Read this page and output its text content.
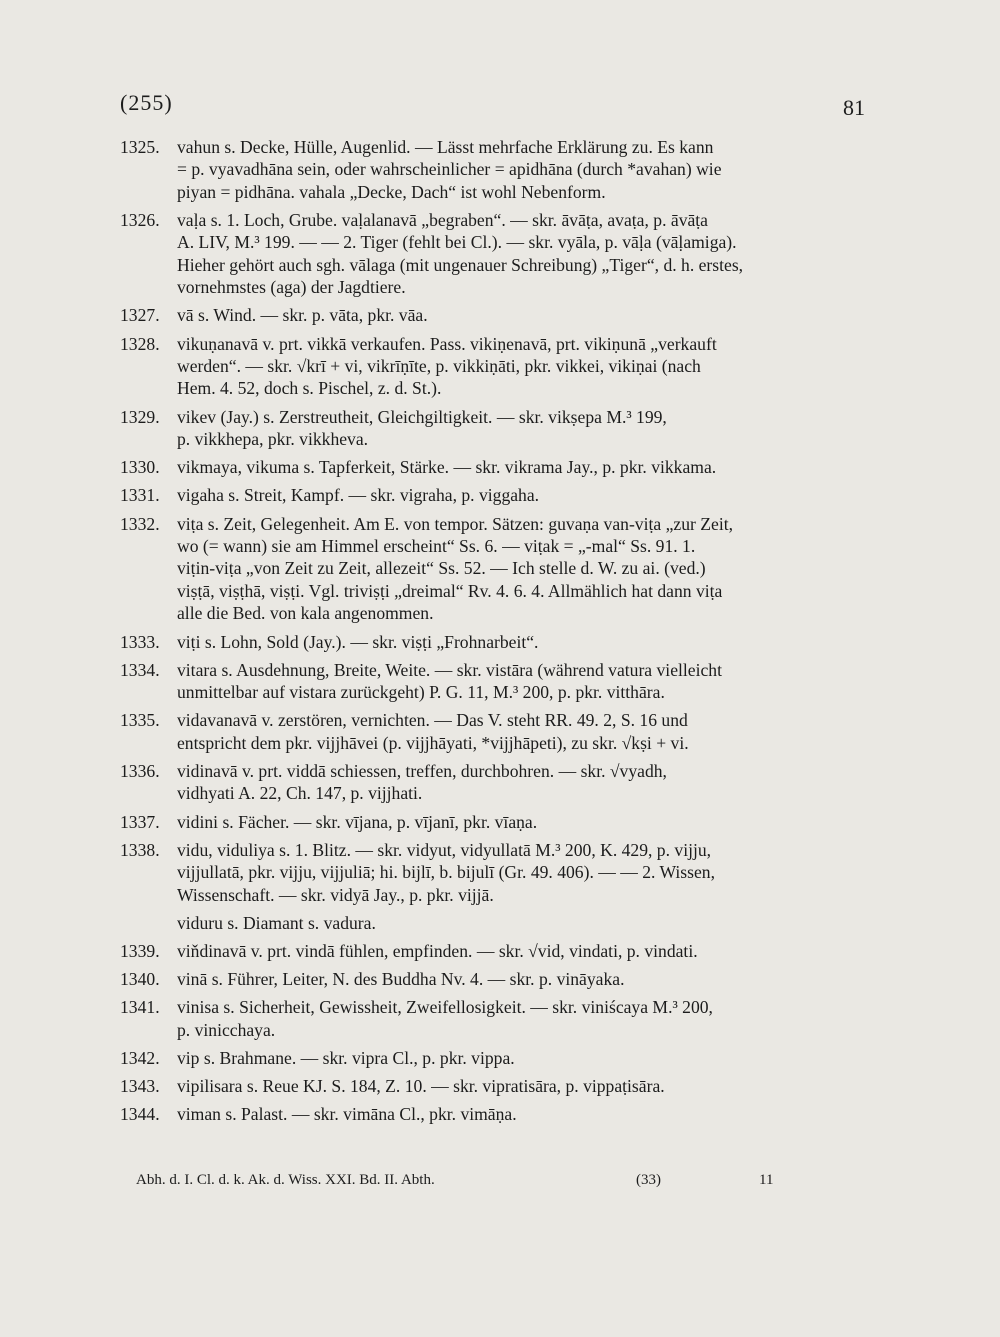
(255)	81
1325. vahun s. Decke, Hülle, Augenlid. — Lässt mehrfache Erklärung zu. Es kann
= p. vyavadhāna sein, oder wahrscheinlicher = apidhāna (durch *avahan) wie
piyan = pidhāna. vahala „Decke, Dach“ ist wohl Nebenform.
1326. vaḷa s. 1. Loch, Grube. vaḷalanavā „begraben“. — skr. āvāṭa, avaṭa, p. āvāṭa
A. LIV, M.³ 199. — — 2. Tiger (fehlt bei Cl.). — skr. vyāla, p. vāḷa (vāḷamiga).
Hieher gehört auch sgh. vālaga (mit ungenauer Schreibung) „Tiger“, d. h. erstes,
vornehmstes (aga) der Jagdtiere.
1327. vā s. Wind. — skr. p. vāta, pkr. vāa.
1328. vikuṇanavā v. prt. vikkā verkaufen. Pass. vikiṇenavā, prt. vikiṇunā „verkauft
werden“. — skr. √krī + vi, vikrīṇīte, p. vikkiṇāti, pkr. vikkei, vikiṇai (nach
Hem. 4. 52, doch s. Pischel, z. d. St.).
1329. vikev (Jay.) s. Zerstreutheit, Gleichgiltigkeit. — skr. vikṣepa M.³ 199,
p. vikkhepa, pkr. vikkheva.
1330. vikmaya, vikuma s. Tapferkeit, Stärke. — skr. vikrama Jay., p. pkr. vikkama.
1331. vigaha s. Streit, Kampf. — skr. vigraha, p. viggaha.
1332. viṭa s. Zeit, Gelegenheit. Am E. von tempor. Sätzen: guvaṇa van-viṭa „zur Zeit,
wo (= wann) sie am Himmel erscheint“ Ss. 6. — viṭak = „-mal“ Ss. 91. 1.
viṭin-viṭa „von Zeit zu Zeit, allezeit“ Ss. 52. — Ich stelle d. W. zu ai. (ved.)
viṣṭā, viṣṭhā, viṣṭi. Vgl. triviṣṭi „dreimal“ Rv. 4. 6. 4. Allmählich hat dann viṭa
alle die Bed. von kala angenommen.
1333. viṭi s. Lohn, Sold (Jay.). — skr. viṣṭi „Frohnarbeit“.
1334. vitara s. Ausdehnung, Breite, Weite. — skr. vistāra (während vatura vielleicht
unmittelbar auf vistara zurückgeht) P. G. 11, M.³ 200, p. pkr. vitthāra.
1335. vidavanavā v. zerstören, vernichten. — Das V. steht RR. 49. 2, S. 16 und
entspricht dem pkr. vijjhāvei (p. vijjhāyati, *vijjhāpeti), zu skr. √kṣi + vi.
1336. vidinavā v. prt. viddā schiessen, treffen, durchbohren. — skr. √vyadh,
vidhyati A. 22, Ch. 147, p. vijjhati.
1337. vidini s. Fächer. — skr. vījana, p. vījanī, pkr. vīaṇa.
1338. vidu, viduliya s. 1. Blitz. — skr. vidyut, vidyullatā M.³ 200, K. 429, p. vijju,
vijjullatā, pkr. vijju, vijjuliā; hi. bijlī, b. bijulī (Gr. 49. 406). — — 2. Wissen,
Wissenschaft. — skr. vidyā Jay., p. pkr. vijjā.
viduru s. Diamant s. vadura.
1339. viňdinavā v. prt. vindā fühlen, empfinden. — skr. √vid, vindati, p. vindati.
1340. vinā s. Führer, Leiter, N. des Buddha Nv. 4. — skr. p. vināyaka.
1341. vinisa s. Sicherheit, Gewissheit, Zweifellosigkeit. — skr. viniścaya M.³ 200,
p. vinicchaya.
1342. vip s. Brahmane. — skr. vipra Cl., p. pkr. vippa.
1343. vipilisara s. Reue KJ. S. 184, Z. 10. — skr. vipratisāra, p. vippaṭisāra.
1344. viman s. Palast. — skr. vimāna Cl., pkr. vimāṇa.
Abh. d. I. Cl. d. k. Ak. d. Wiss. XXI. Bd. II. Abth.	(33)	11
